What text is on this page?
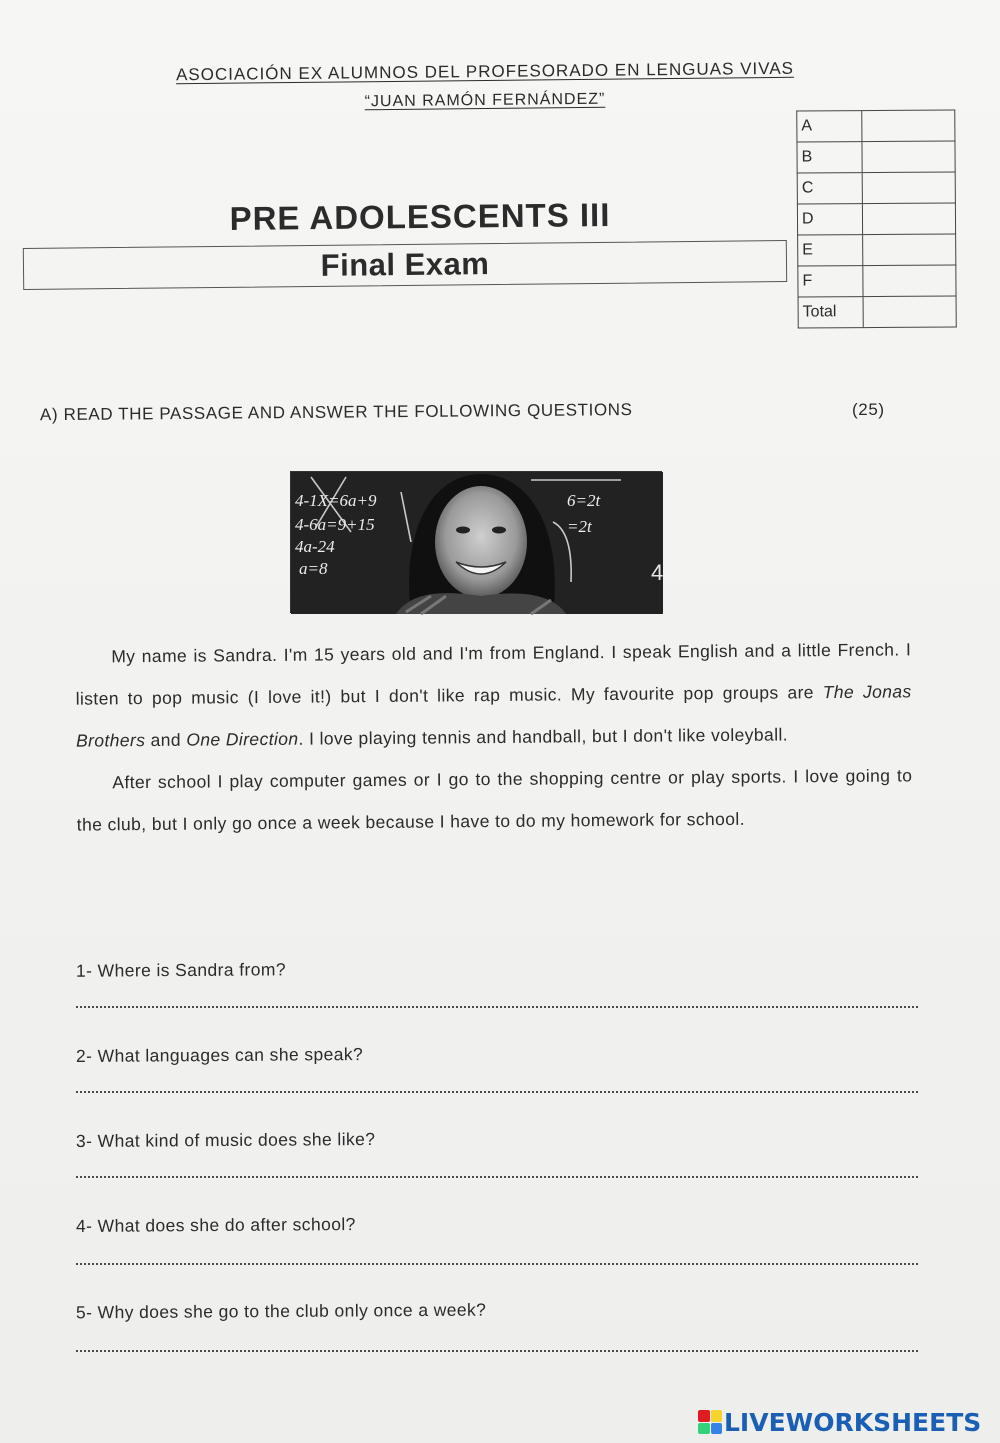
ASOCIACIÓN EX ALUMNOS DEL PROFESORADO EN LENGUAS VIVAS
“JUAN RAMÓN FERNÁNDEZ”
PRE ADOLESCENTS III
Final Exam
A	
B	
C	
D	
E	
F	
Total	
A) READ THE PASSAGE AND ANSWER THE FOLLOWING QUESTIONS	(25)
4-1X=6a+9
4-6a=9+15
4a-24
a=8
6=2t
=2t
4

My name is Sandra. I'm 15 years old and I'm from England. I speak English and a little French. I listen to pop music (I love it!) but I don't like rap music. My favourite pop groups are The Jonas Brothers and One Direction. I love playing tennis and handball, but I don't like voleyball.

After school I play computer games or I go to the shopping centre or play sports. I love going to the club, but I only go once a week because I have to do my homework for school.

1- Where is Sandra from?
2- What languages can she speak?
3- What kind of music does she like?
4- What does she do after school?
5- Why does she go to the club only once a week?
LIVEWORKSHEETS
